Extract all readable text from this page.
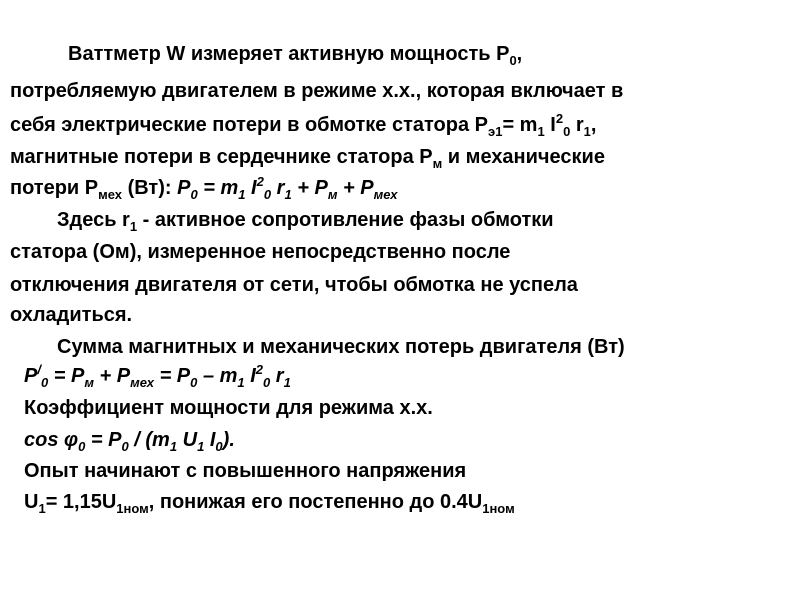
Ваттметр W измеряет активную мощность $Р_0$,
потребляемую двигателем в режиме х.х., которая включает в
себя электрические потери в обмотке статора $Р_{э1}= m_1$ $I^2_0$ $r_1$,
магнитные потери в сердечнике статора $Р_м$ и механические
потери $Р_{мех}$ (Вт): $P_0 = m_1$ $I^2_0$ $r_1 + P_м + P_{мех}$
Здесь $r_1$ - активное сопротивление фазы обмотки
статора (Ом), измеренное непосредственно после
отключения двигателя от сети, чтобы обмотка не успела
охладиться.
Сумма магнитных и механических потерь двигателя (Вт)
$P^/_0 = P_м + P_{мех} = P_0 - m_1$ $I^2_0$ $r_1$
Коэффициент мощности для режима х.х.
$\cos \varphi_0 = P_0 / (m_1$ $U_1$ $I_0$).
Опыт начинают с повышенного напряжения
$U_1= 1,15U_{1ном}$, понижая его постепенно до $0.4U_{1ном}$
